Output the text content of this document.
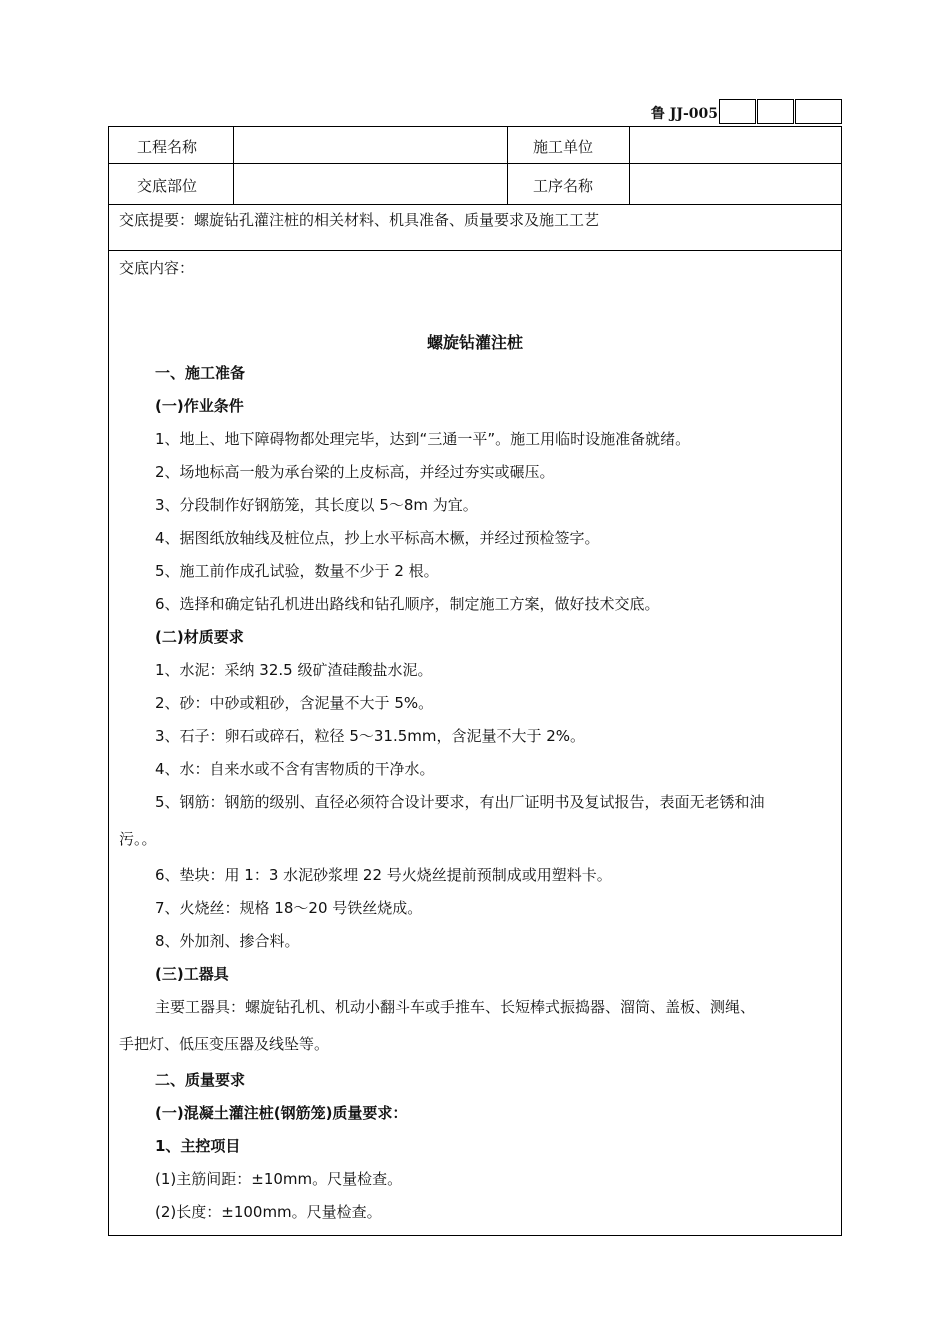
鲁 JJ-005
工程名称	施工单位
交底部位	工序名称
交底提要：螺旋钻孔灌注桩的相关材料、机具准备、质量要求及施工工艺
交底内容：
螺旋钻灌注桩
一、施工准备
(一)作业条件
1、地上、地下障碍物都处理完毕，达到“三通一平”。施工用临时设施准备就绪。
2、场地标高一般为承台梁的上皮标高，并经过夯实或碾压。
3、分段制作好钢筋笼，其长度以 5～8m 为宜。
4、据图纸放轴线及桩位点，抄上水平标高木橛，并经过预检签字。
5、施工前作成孔试验，数量不少于 2 根。
6、选择和确定钻孔机进出路线和钻孔顺序，制定施工方案，做好技术交底。
(二)材质要求
1、水泥：采纳 32.5 级矿渣硅酸盐水泥。
2、砂：中砂或粗砂，含泥量不大于 5%。
3、石子：卵石或碎石，粒径 5～31.5mm，含泥量不大于 2%。
4、水：自来水或不含有害物质的干净水。
5、钢筋：钢筋的级别、直径必须符合设计要求，有出厂证明书及复试报告，表面无老锈和油
污。。
6、垫块：用 1：3 水泥砂浆埋 22 号火烧丝提前预制成或用塑料卡。
7、火烧丝：规格 18～20 号铁丝烧成。
8、外加剂、掺合料。
(三)工器具
主要工器具：螺旋钻孔机、机动小翻斗车或手推车、长短棒式振捣器、溜筒、盖板、测绳、
手把灯、低压变压器及线坠等。
二、质量要求
(一)混凝土灌注桩(钢筋笼)质量要求：
1、主控项目
(1)主筋间距：±10mm。尺量检查。
(2)长度：±100mm。尺量检查。
